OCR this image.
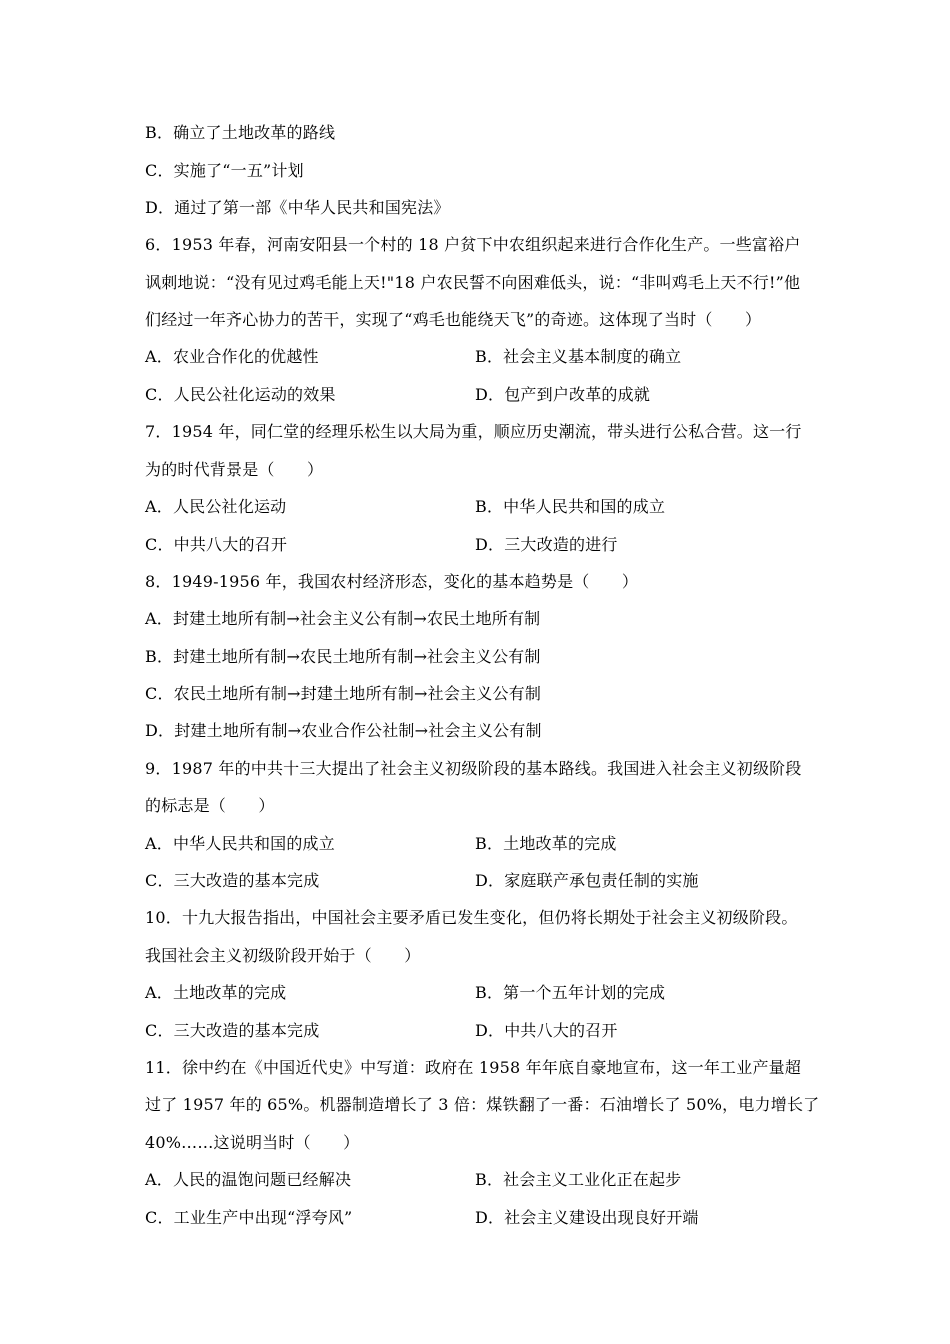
B．确立了土地改革的路线
C．实施了“一五”计划
D．通过了第一部《中华人民共和国宪法》
6．1953 年春，河南安阳县一个村的 18 户贫下中农组织起来进行合作化生产。一些富裕户
讽刺地说：“没有见过鸡毛能上天!"18 户农民誓不向困难低头，说：“非叫鸡毛上天不行!”他
们经过一年齐心协力的苦干，实现了“鸡毛也能绕天飞”的奇迹。这体现了当时（　　）
A．农业合作化的优越性	B．社会主义基本制度的确立
C．人民公社化运动的效果	D．包产到户改革的成就
7．1954 年，同仁堂的经理乐松生以大局为重，顺应历史潮流，带头进行公私合营。这一行
为的时代背景是（　　）
A．人民公社化运动	B．中华人民共和国的成立
C．中共八大的召开	D．三大改造的进行
8．1949-1956 年，我国农村经济形态，变化的基本趋势是（　　）
A．封建土地所有制→社会主义公有制→农民土地所有制
B．封建土地所有制→农民土地所有制→社会主义公有制
C．农民土地所有制→封建土地所有制→社会主义公有制
D．封建土地所有制→农业合作公社制→社会主义公有制
9．1987 年的中共十三大提出了社会主义初级阶段的基本路线。我国进入社会主义初级阶段
的标志是（　　）
A．中华人民共和国的成立	B．土地改革的完成
C．三大改造的基本完成	D．家庭联产承包责任制的实施
10．十九大报告指出，中国社会主要矛盾已发生变化，但仍将长期处于社会主义初级阶段。
我国社会主义初级阶段开始于（　　）
A．土地改革的完成	B．第一个五年计划的完成
C．三大改造的基本完成	D．中共八大的召开
11．徐中约在《中国近代史》中写道：政府在 1958 年年底自豪地宣布，这一年工业产量超
过了 1957 年的 65%。机器制造增长了 3 倍：煤铁翻了一番：石油增长了 50%，电力增长了
40%……这说明当时（　　）
A．人民的温饱问题已经解决	B．社会主义工业化正在起步
C．工业生产中出现“浮夸风”	D．社会主义建设出现良好开端
